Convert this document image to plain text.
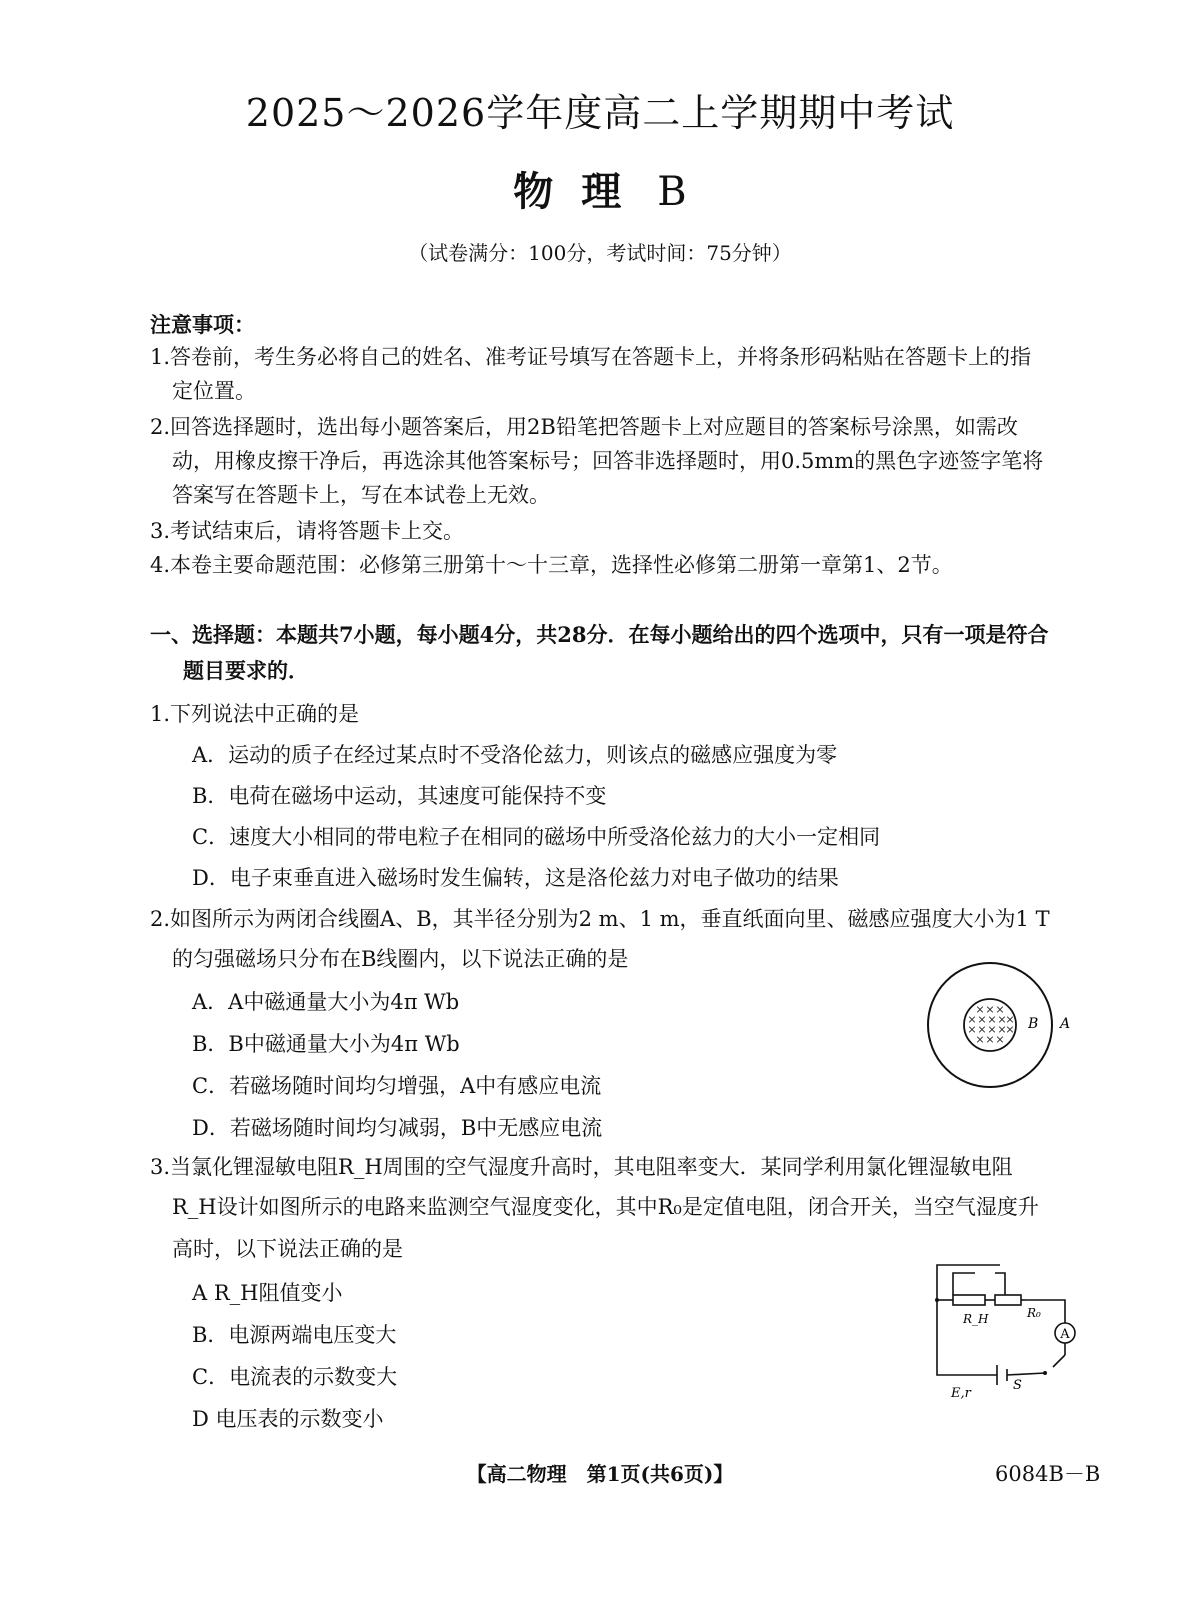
2025～2026学年度高二上学期期中考试
物理 B
（试卷满分：100分，考试时间：75分钟）
注意事项：
1.答卷前，考生务必将自己的姓名、准考证号填写在答题卡上，并将条形码粘贴在答题卡上的指
定位置。
2.回答选择题时，选出每小题答案后，用2B铅笔把答题卡上对应题目的答案标号涂黑，如需改
动，用橡皮擦干净后，再选涂其他答案标号；回答非选择题时，用0.5mm的黑色字迹签字笔将
答案写在答题卡上，写在本试卷上无效。
3.考试结束后，请将答题卡上交。
4.本卷主要命题范围：必修第三册第十～十三章，选择性必修第二册第一章第1、2节。
一、选择题：本题共7小题，每小题4分，共28分．在每小题给出的四个选项中，只有一项是符合
题目要求的．
1.下列说法中正确的是
A．运动的质子在经过某点时不受洛伦兹力，则该点的磁感应强度为零
B．电荷在磁场中运动，其速度可能保持不变
C．速度大小相同的带电粒子在相同的磁场中所受洛伦兹力的大小一定相同
D．电子束垂直进入磁场时发生偏转，这是洛伦兹力对电子做功的结果
2.如图所示为两闭合线圈A、B，其半径分别为2 m、1 m，垂直纸面向里、磁感应强度大小为1 T
的匀强磁场只分布在B线圈内，以下说法正确的是
A．A中磁通量大小为4π Wb
B．B中磁通量大小为4π Wb
C．若磁场随时间均匀增强，A中有感应电流
D．若磁场随时间均匀减弱，B中无感应电流
× × ×
× × × ×
×
× × × ×
×
× × ×
B A
3.当氯化锂湿敏电阻R_H周围的空气湿度升高时，其电阻率变大．某同学利用氯化锂湿敏电阻
R_H设计如图所示的电路来监测空气湿度变化，其中R₀是定值电阻，闭合开关，当空气湿度升
高时，以下说法正确的是
A R_H阻值变小
B．电源两端电压变大
C．电流表的示数变大
D 电压表的示数变小
A
R_H	R₀
E,r
S
【高二物理　第1页(共6页)】	6084B－B
